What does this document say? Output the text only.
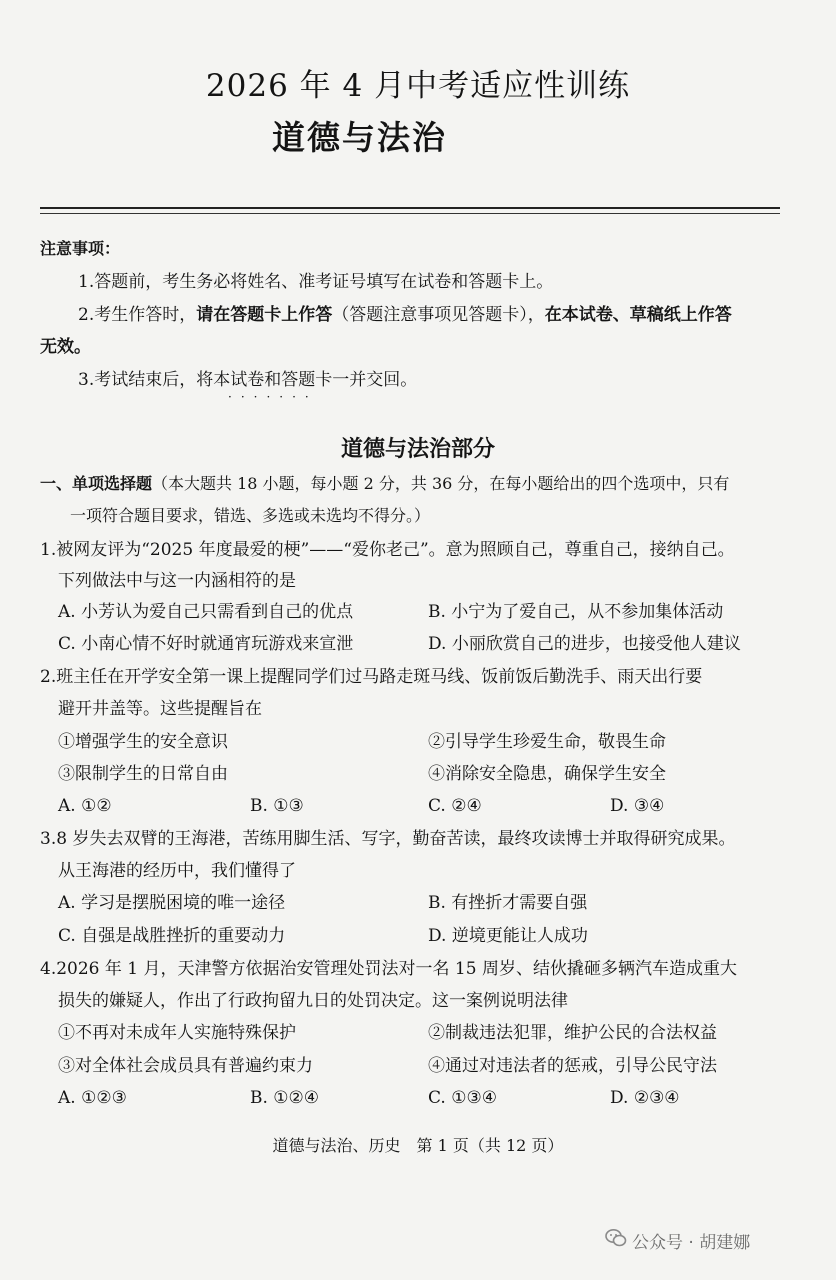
2026 年 4 月中考适应性训练
道德与法治
注意事项：
1.答题前，考生务必将姓名、准考证号填写在试卷和答题卡上。
2.考生作答时，请在答题卡上作答（答题注意事项见答题卡），在本试卷、草稿纸上作答
无效。
3.考试结束后，将本试卷和答题卡一并交回。
·······
道德与法治部分
一、单项选择题（本大题共 18 小题，每小题 2 分，共 36 分，在每小题给出的四个选项中，只有
一项符合题目要求，错选、多选或未选均不得分。）
1.被网友评为“2025 年度最爱的梗”——“爱你老己”。意为照顾自己，尊重自己，接纳自己。
下列做法中与这一内涵相符的是
A. 小芳认为爱自己只需看到自己的优点	B. 小宁为了爱自己，从不参加集体活动
C. 小南心情不好时就通宵玩游戏来宣泄	D. 小丽欣赏自己的进步，也接受他人建议
2.班主任在开学安全第一课上提醒同学们过马路走斑马线、饭前饭后勤洗手、雨天出行要
避开井盖等。这些提醒旨在
①增强学生的安全意识	②引导学生珍爱生命，敬畏生命
③限制学生的日常自由	④消除安全隐患，确保学生安全
A. ①②	B. ①③	C. ②④	D. ③④
3.8 岁失去双臂的王海港，苦练用脚生活、写字，勤奋苦读，最终攻读博士并取得研究成果。
从王海港的经历中，我们懂得了
A. 学习是摆脱困境的唯一途径	B. 有挫折才需要自强
C. 自强是战胜挫折的重要动力	D. 逆境更能让人成功
4.2026 年 1 月，天津警方依据治安管理处罚法对一名 15 周岁、结伙撬砸多辆汽车造成重大
损失的嫌疑人，作出了行政拘留九日的处罚决定。这一案例说明法律
①不再对未成年人实施特殊保护	②制裁违法犯罪，维护公民的合法权益
③对全体社会成员具有普遍约束力	④通过对违法者的惩戒，引导公民守法
A. ①②③	B. ①②④	C. ①③④	D. ②③④
道德与法治、历史　第 1 页（共 12 页）
公众号 · 胡建娜
